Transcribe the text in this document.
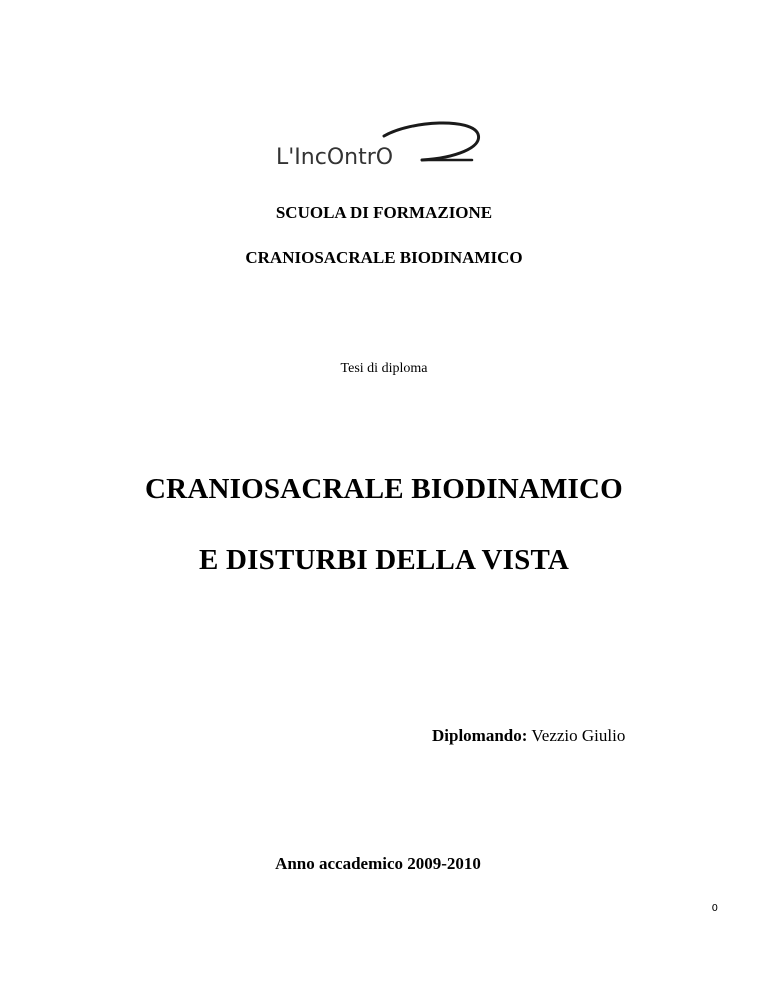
L'IncOntrO
SCUOLA DI FORMAZIONE
CRANIOSACRALE BIODINAMICO
Tesi di diploma
CRANIOSACRALE BIODINAMICO
E DISTURBI DELLA VISTA
Diplomando: Vezzio Giulio
Anno accademico 2009-2010
0
